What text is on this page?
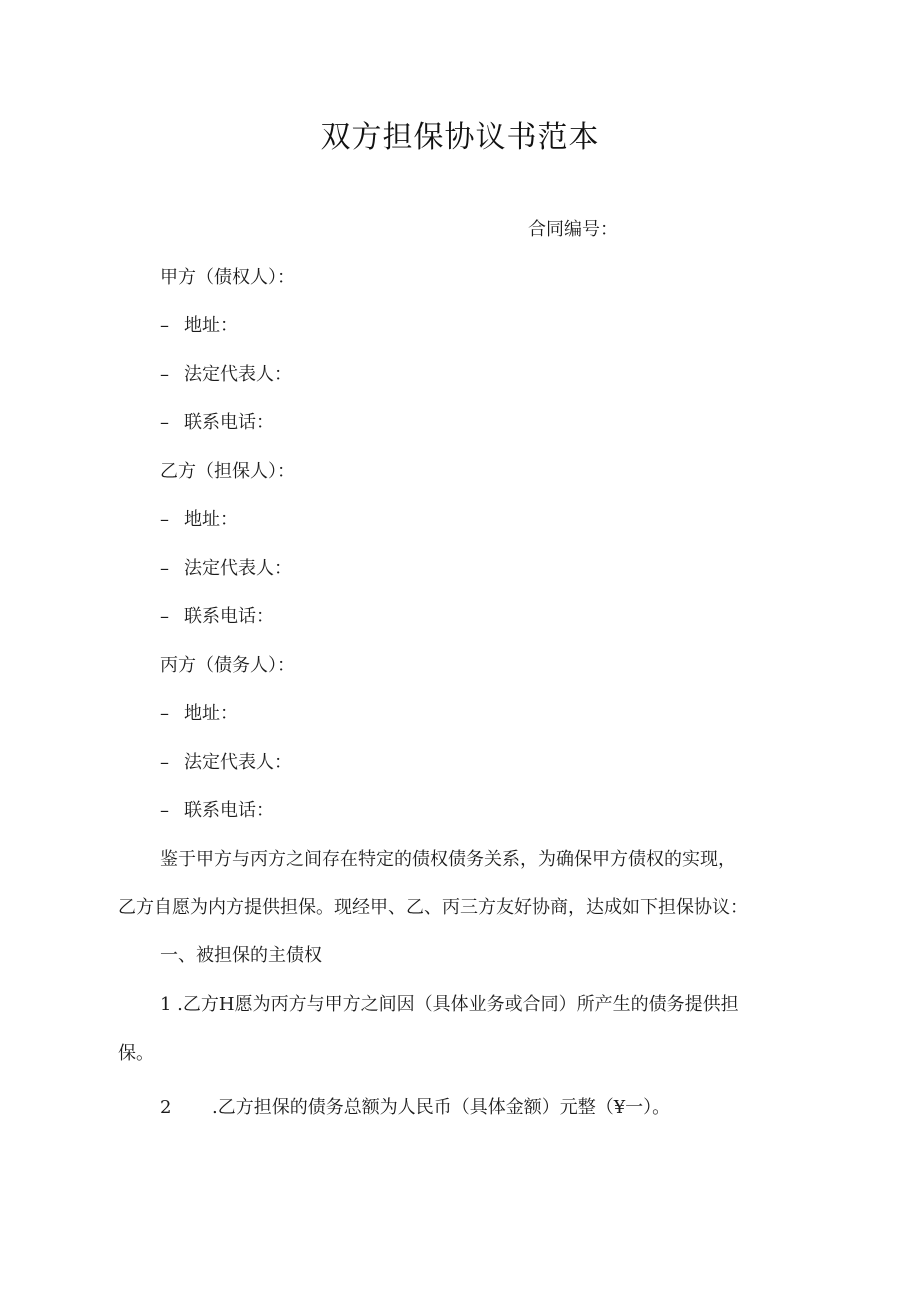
双方担保协议书范本
合同编号：
甲方（债权人）：
– 地址：
– 法定代表人：
– 联系电话：
乙方（担保人）：
– 地址：
– 法定代表人：
– 联系电话：
丙方（债务人）：
– 地址：
– 法定代表人：
– 联系电话：
鉴于甲方与丙方之间存在特定的债权债务关系，为确保甲方债权的实现，
乙方自愿为内方提供担保。现经甲、乙、丙三方友好协商，达成如下担保协议：
一、被担保的主债权
1 .乙方H愿为丙方与甲方之间因（具体业务或合同）所产生的债务提供担
保。
2 .乙方担保的债务总额为人民币（具体金额）元整（¥一）。
